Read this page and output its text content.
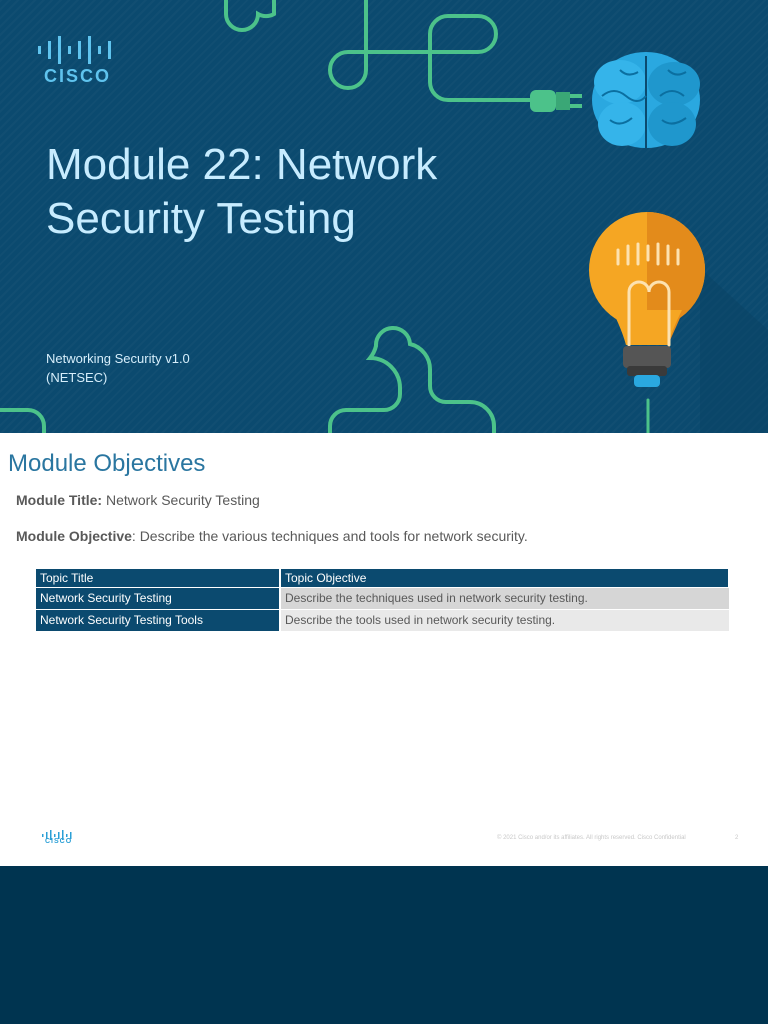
CISCO
Module 22: Network
Security Testing
Networking Security v1.0
(NETSEC)
Module Objectives
Module Title: Network Security Testing
Module Objective: Describe the various techniques and tools for network security.
Topic Title	Topic Objective
Network Security Testing	Describe the techniques used in network security testing.
Network Security Testing Tools	Describe the tools used in network security testing.
CISCO	© 2021 Cisco and/or its affiliates. All rights reserved. Cisco Confidential	2
